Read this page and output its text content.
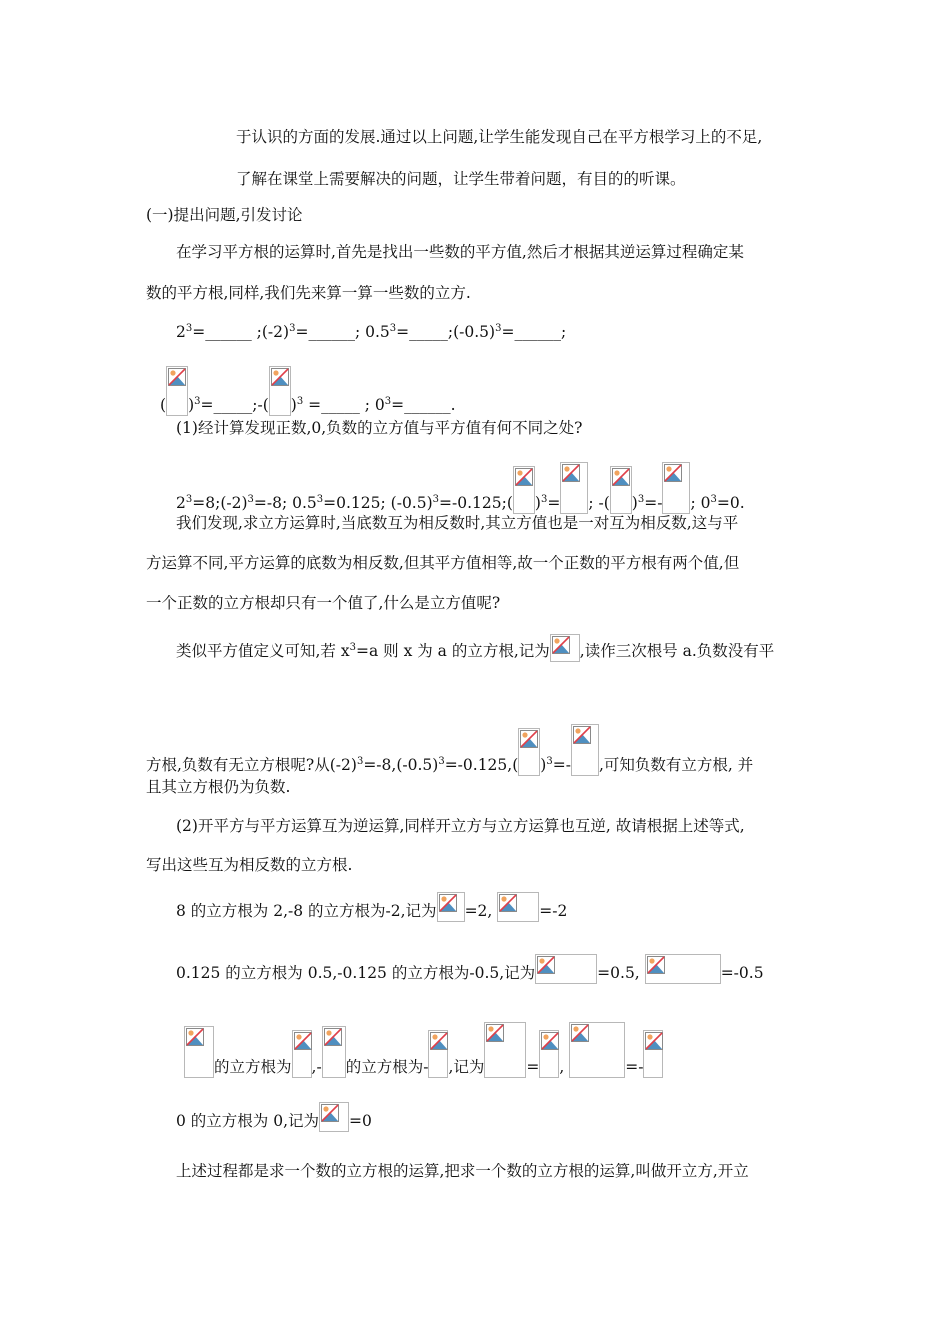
于认识的方面的发展.通过以上问题,让学生能发现自己在平方根学习上的不足,
了解在课堂上需要解决的问题，让学生带着问题，有目的的听课。
(一)提出问题,引发讨论
在学习平方根的运算时,首先是找出一些数的平方值,然后才根据其逆运算过程确定某
数的平方根,同样,我们先来算一算一些数的立方.
$2^3=\_\_\_\_\_\_$ $;(-2)^3=\_\_\_\_\_\_$; $0.5^3=\_\_\_\_\_;(-0.5)^3=\_\_\_\_\_\_$;
( )$^3$=_____;-( )$^3$ =_____ ; $0^3=\_\_\_\_\_\_$.
(1)经计算发现正数,0,负数的立方值与平方值有何不同之处?
$2^3=8;(-2)^3=-8$; $0.5^3=0.125$; $(-0.5)^3=-0.125$;( )$^3$= ; -( )$^3$=- ; $0^3=0$.
我们发现,求立方运算时,当底数互为相反数时,其立方值也是一对互为相反数,这与平
方运算不同,平方运算的底数为相反数,但其平方值相等,故一个正数的平方根有两个值,但
一个正数的立方根却只有一个值了,什么是立方值呢?
类似平方值定义可知,若 $x^3=a$ 则 x 为 a 的立方根,记为 ,读作三次根号 a.负数没有平
方根,负数有无立方根呢?从$(-2)^3=-8,(-0.5)^3=-0.125$,( )$^3$=- ,可知负数有立方根, 并
且其立方根仍为负数.
(2)开平方与平方运算互为逆运算,同样开立方与立方运算也互逆, 故请根据上述等式,
写出这些互为相反数的立方根.
8 的立方根为 2,-8 的立方根为-2,记为 =2,	=-2
0.125 的立方根为 0.5,-0.125 的立方根为-0.5,记为	=0.5,	=-0.5
的立方根为 ,- 的立方根为- ,记为	= ,	=-
0 的立方根为 0,记为 =0
上述过程都是求一个数的立方根的运算,把求一个数的立方根的运算,叫做开立方,开立
